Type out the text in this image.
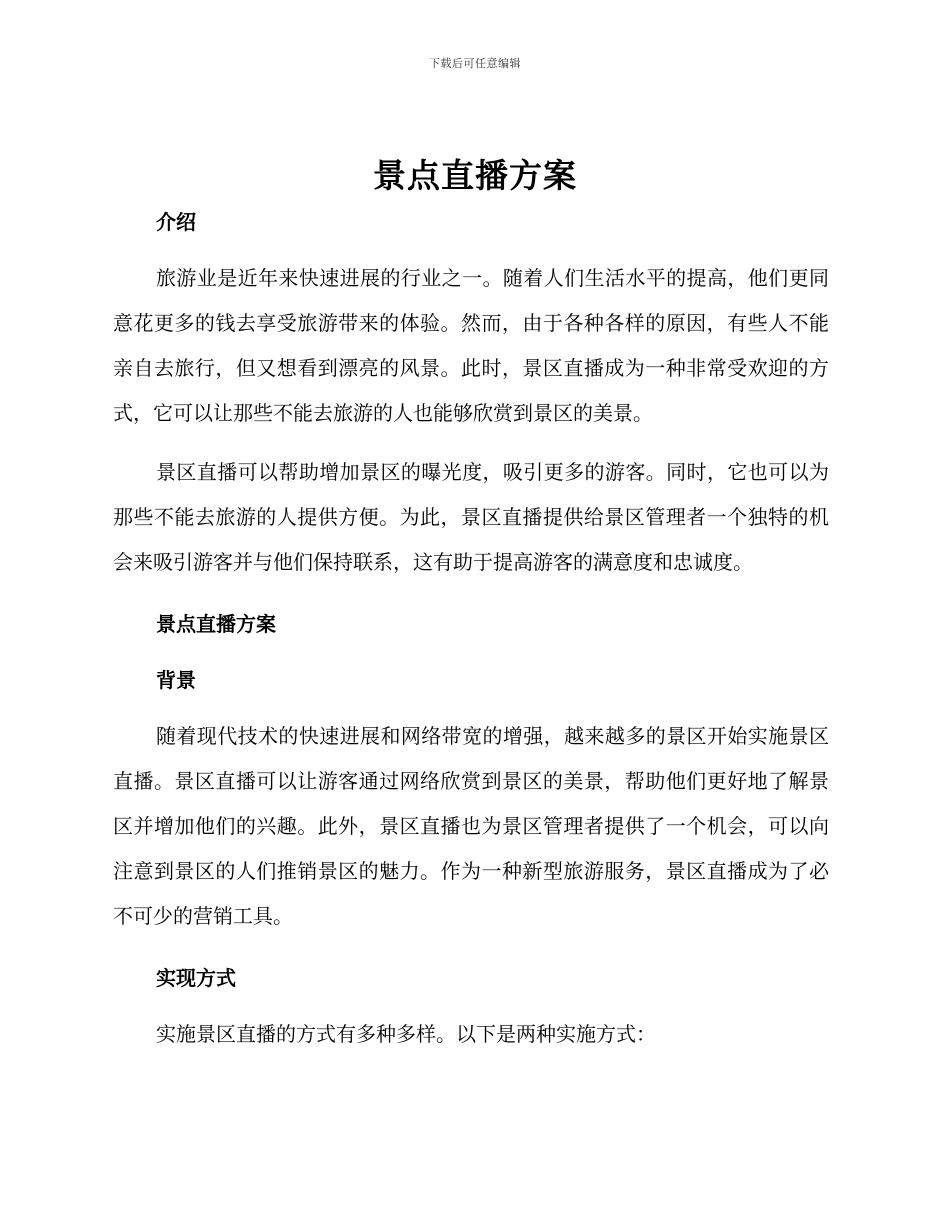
下载后可任意编辑
景点直播方案
介绍

旅游业是近年来快速进展的行业之一。随着人们生活水平的提高，他们更同意花更多的钱去享受旅游带来的体验。然而，由于各种各样的原因，有些人不能亲自去旅行，但又想看到漂亮的风景。此时，景区直播成为一种非常受欢迎的方式，它可以让那些不能去旅游的人也能够欣赏到景区的美景。

景区直播可以帮助增加景区的曝光度，吸引更多的游客。同时，它也可以为那些不能去旅游的人提供方便。为此，景区直播提供给景区管理者一个独特的机会来吸引游客并与他们保持联系，这有助于提高游客的满意度和忠诚度。

景点直播方案
背景

随着现代技术的快速进展和网络带宽的增强，越来越多的景区开始实施景区直播。景区直播可以让游客通过网络欣赏到景区的美景，帮助他们更好地了解景区并增加他们的兴趣。此外，景区直播也为景区管理者提供了一个机会，可以向注意到景区的人们推销景区的魅力。作为一种新型旅游服务，景区直播成为了必不可少的营销工具。

实现方式

实施景区直播的方式有多种多样。以下是两种实施方式：
